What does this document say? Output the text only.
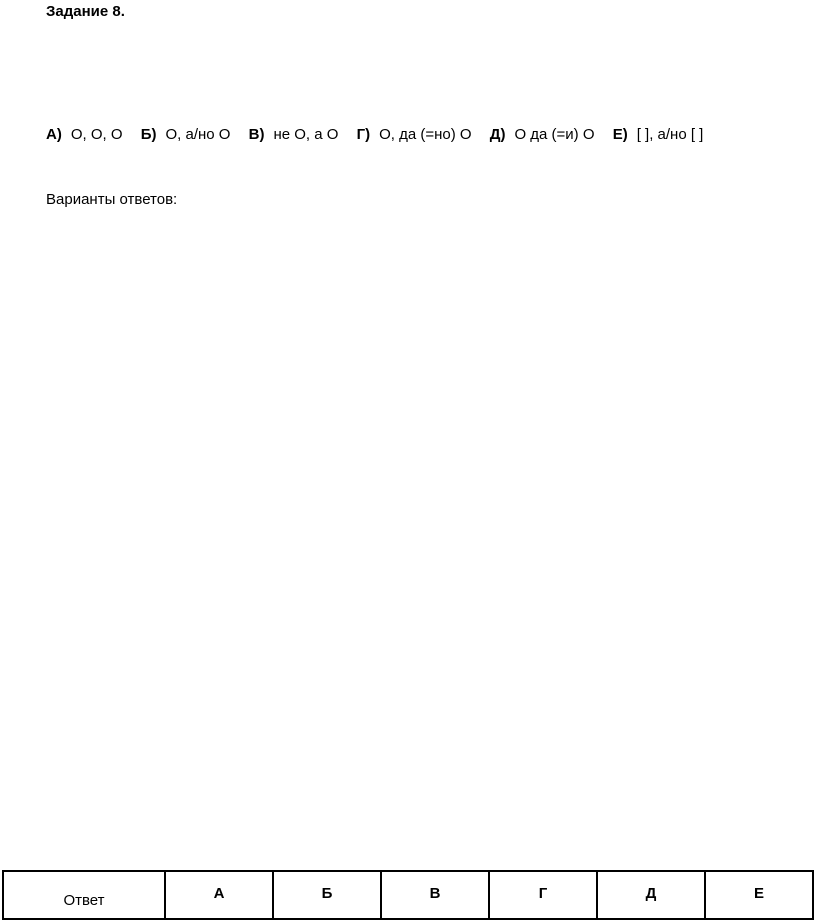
Задание 8.
А) О, О, О Б) О, а/но О В) не О, а О Г) О, да (=но) О Д) О да (=и) О Е) [ ], а/но [ ]
Варианты ответов:
Ответ	А	Б	В	Г	Д	Е
